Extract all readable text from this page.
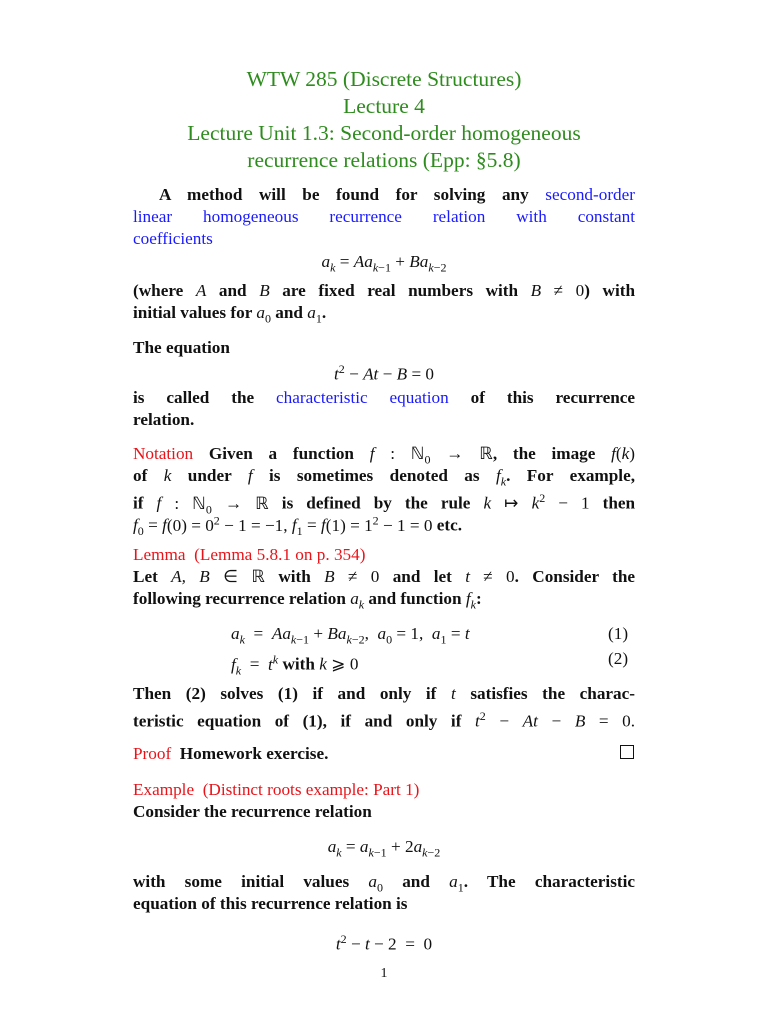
WTW 285 (Discrete Structures)
Lecture 4
Lecture Unit 1.3: Second-order homogeneous
recurrence relations (Epp: §5.8)
A method will be found for solving any second-order
linear homogeneous recurrence relation with constant
coefficients
$a_k = Aa_{k-1} + Ba_{k-2}$
(where A and B are fixed real numbers with B ≠ 0) with
initial values for $a_0$ and $a_1$.
The equation
$t^2 - At - B = 0$
is called the characteristic equation of this recurrence
relation.
Notation Given a function f : ℕ$_0$ → ℝ, the image f(k)
of k under f is sometimes denoted as $f_k$. For example,
if f : ℕ$_0$ → ℝ is defined by the rule k ↦ $k^2 - 1$ then
$f_0 = f(0) = 0^2 - 1 = -1$, $f_1 = f(1) = 1^2 - 1 = 0$ etc.
Lemma (Lemma 5.8.1 on p. 354)
Let A, B ∈ ℝ with B ≠ 0 and let t ≠ 0. Consider the
following recurrence relation $a_k$ and function $f_k$:
$a_k = Aa_{k-1} + Ba_{k-2}$,  $a_0 = 1$,  $a_1 = t$	(1)
$f_k = t^k$ with k ⩾ 0	(2)
Then (2) solves (1) if and only if t satisfies the charac-
teristic equation of (1), if and only if $t^2 - At - B = 0$.
Proof Homework exercise.
Example (Distinct roots example: Part 1)
Consider the recurrence relation
$a_k = a_{k-1} + 2a_{k-2}$
with some initial values $a_0$ and $a_1$. The characteristic
equation of this recurrence relation is
$t^2 - t - 2 = 0$
1
